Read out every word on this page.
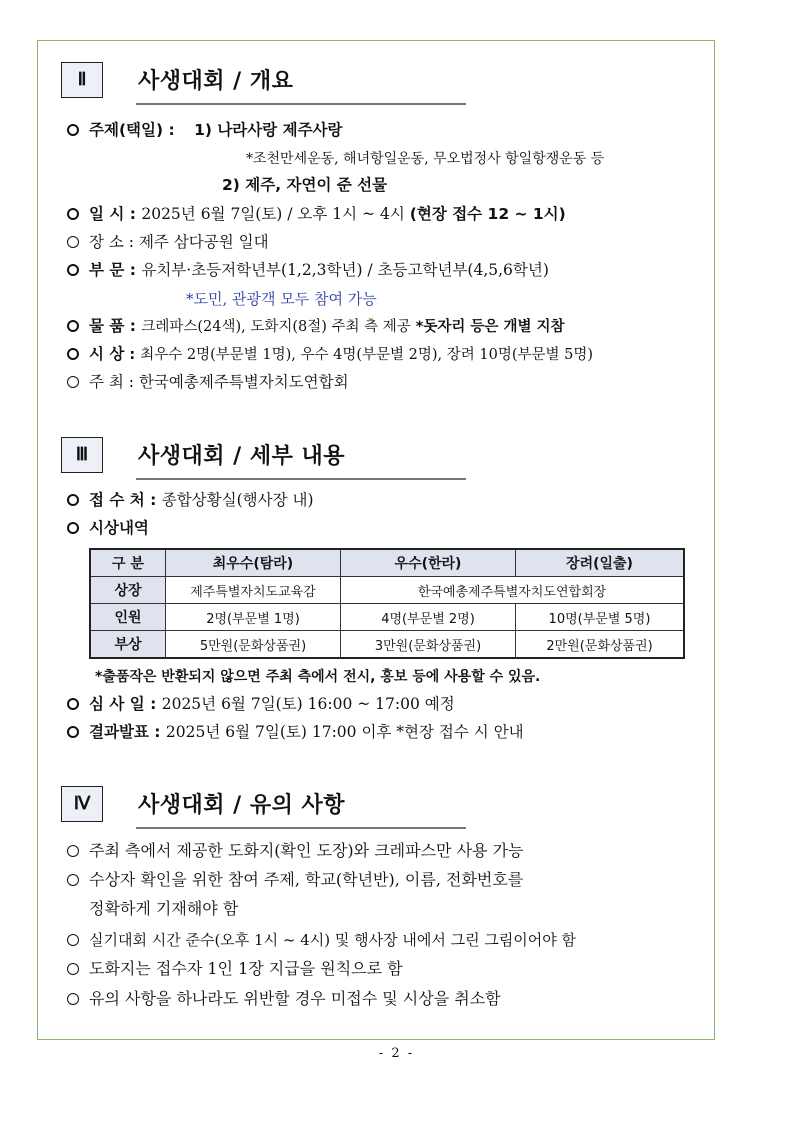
Ⅱ	사생대회 / 개요
주제(택일) : 1) 나라사랑 제주사랑
*조천만세운동, 해녀항일운동, 무오법정사 항일항쟁운동 등
2) 제주, 자연이 준 선물
일 시 : 2025년 6월 7일(토) / 오후 1시 ~ 4시 (현장 접수 12 ~ 1시)
장 소 : 제주 삼다공원 일대
부 문 : 유치부·초등저학년부(1,2,3학년) / 초등고학년부(4,5,6학년)
*도민, 관광객 모두 참여 가능
물 품 : 크레파스(24색), 도화지(8절) 주최 측 제공 *돗자리 등은 개별 지참
시 상 : 최우수 2명(부문별 1명), 우수 4명(부문별 2명), 장려 10명(부문별 5명)
주 최 : 한국예총제주특별자치도연합회
Ⅲ	사생대회 / 세부 내용
접 수 처 : 종합상황실(행사장 내)
시상내역
구 분	최우수(탐라)	우수(한라)	장려(일출)
상장	제주특별자치도교육감	한국예총제주특별자치도연합회장	
인원	2명(부문별 1명)	4명(부문별 2명)	10명(부문별 5명)
부상	5만원(문화상품권)	3만원(문화상품권)	2만원(문화상품권)
*출품작은 반환되지 않으면 주최 측에서 전시, 홍보 등에 사용할 수 있음.
심 사 일 : 2025년 6월 7일(토) 16:00 ~ 17:00 예정
결과발표 : 2025년 6월 7일(토) 17:00 이후 *현장 접수 시 안내
Ⅳ	사생대회 / 유의 사항
주최 측에서 제공한 도화지(확인 도장)와 크레파스만 사용 가능
수상자 확인을 위한 참여 주제, 학교(학년반), 이름, 전화번호를
정확하게 기재해야 함
실기대회 시간 준수(오후 1시 ~ 4시) 및 행사장 내에서 그린 그림이어야 함
도화지는 접수자 1인 1장 지급을 원칙으로 함
유의 사항을 하나라도 위반할 경우 미접수 및 시상을 취소함
- 2 -
